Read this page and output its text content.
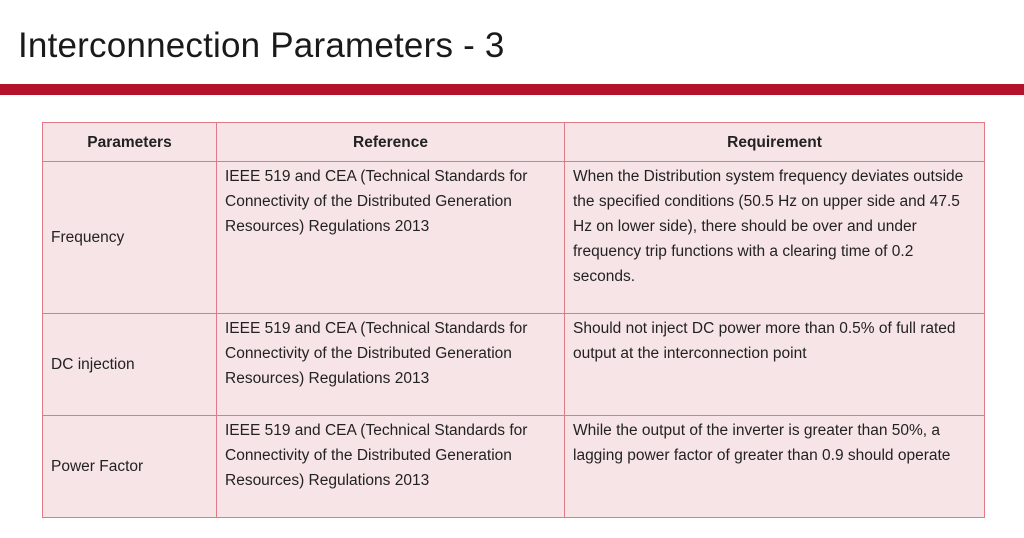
Interconnection Parameters - 3
Parameters	Reference	Requirement
Frequency	IEEE 519 and CEA (Technical Standards for Connectivity of the Distributed Generation Resources) Regulations 2013	When the Distribution system frequency deviates outside the specified conditions (50.5 Hz on upper side and 47.5 Hz on lower side), there should be over and under frequency trip functions with a clearing time of 0.2 seconds.
DC injection	IEEE 519 and CEA (Technical Standards for Connectivity of the Distributed Generation Resources) Regulations 2013	Should not inject DC power more than 0.5% of full rated output at the interconnection point
Power Factor	IEEE 519 and CEA (Technical Standards for Connectivity of the Distributed Generation Resources) Regulations 2013	While the output of the inverter is greater than 50%, a lagging power factor of greater than 0.9 should operate
